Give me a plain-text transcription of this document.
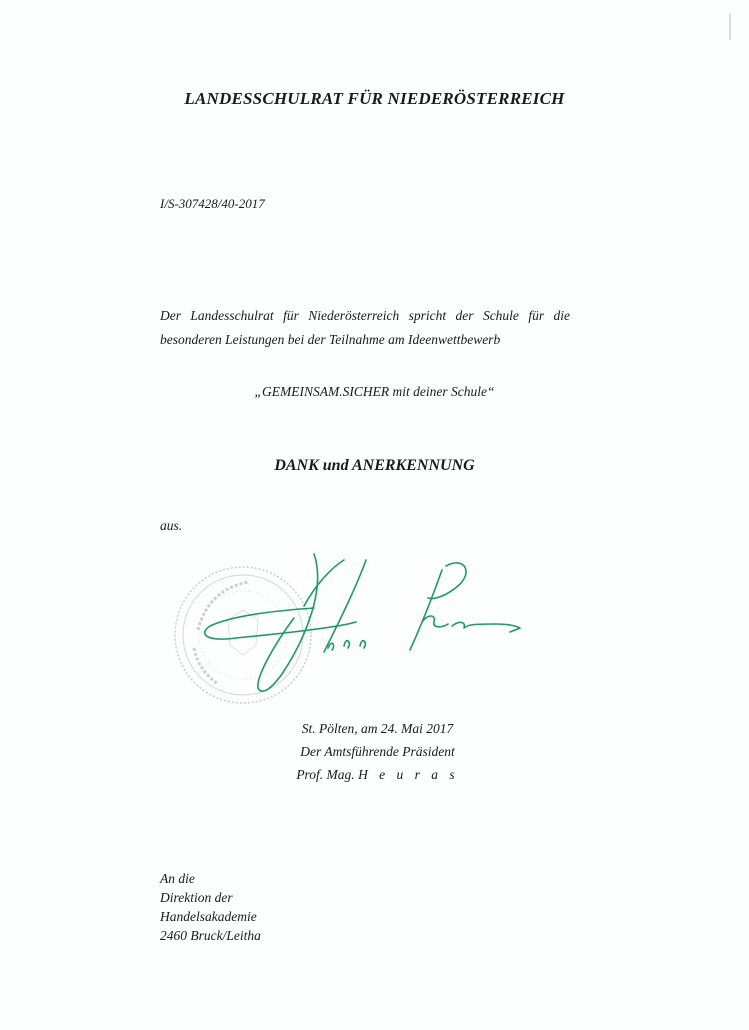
LANDESSCHULRAT FÜR NIEDERÖSTERREICH
I/S-307428/40-2017
Der Landesschulrat für Niederösterreich spricht der Schule für die besonderen Leistungen bei der Teilnahme am Ideenwettbewerb
„GEMEINSAM.SICHER mit deiner Schule“
DANK und ANERKENNUNG
aus.
St. Pölten, am 24. Mai 2017
Der Amtsführende Präsident
Prof. Mag. H e u r a s
An die
Direktion der
Handelsakademie
2460 Bruck/Leitha
